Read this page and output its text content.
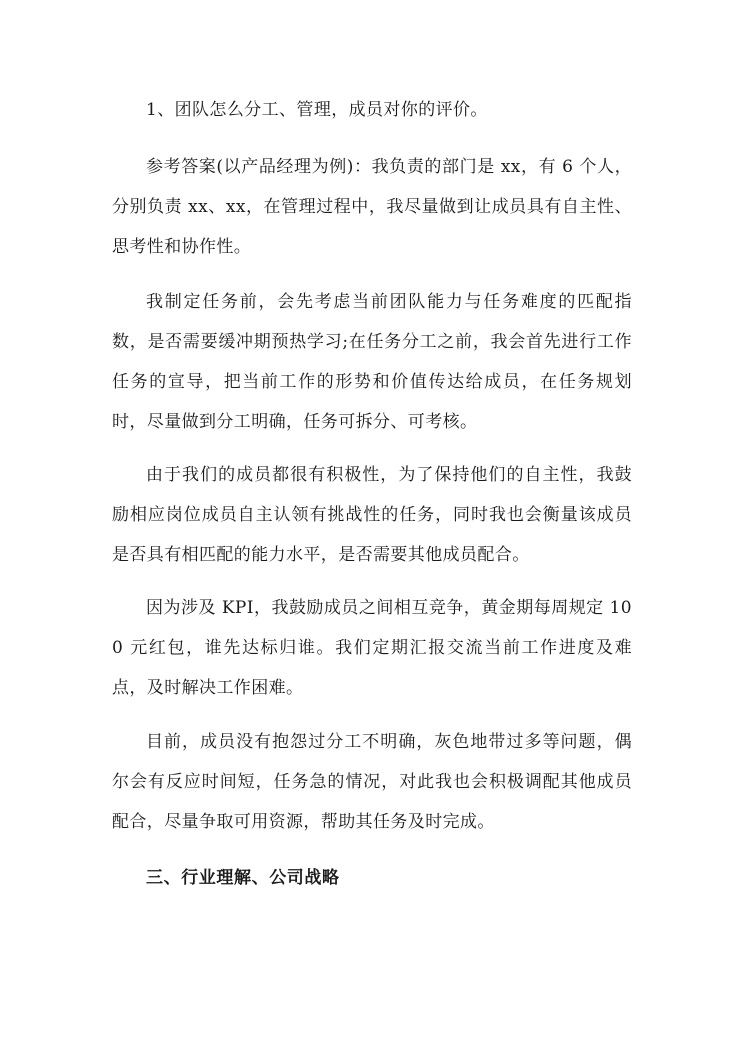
1、团队怎么分工、管理，成员对你的评价。

参考答案(以产品经理为例)：我负责的部门是 xx，有 6 个人，分别负责 xx、xx，在管理过程中，我尽量做到让成员具有自主性、思考性和协作性。

我制定任务前，会先考虑当前团队能力与任务难度的匹配指数，是否需要缓冲期预热学习;在任务分工之前，我会首先进行工作任务的宣导，把当前工作的形势和价值传达给成员，在任务规划时，尽量做到分工明确，任务可拆分、可考核。

由于我们的成员都很有积极性，为了保持他们的自主性，我鼓励相应岗位成员自主认领有挑战性的任务，同时我也会衡量该成员是否具有相匹配的能力水平，是否需要其他成员配合。

因为涉及 KPI，我鼓励成员之间相互竞争，黄金期每周规定 100 元红包，谁先达标归谁。我们定期汇报交流当前工作进度及难点，及时解决工作困难。

目前，成员没有抱怨过分工不明确，灰色地带过多等问题，偶尔会有反应时间短，任务急的情况，对此我也会积极调配其他成员配合，尽量争取可用资源，帮助其任务及时完成。

三、行业理解、公司战略
